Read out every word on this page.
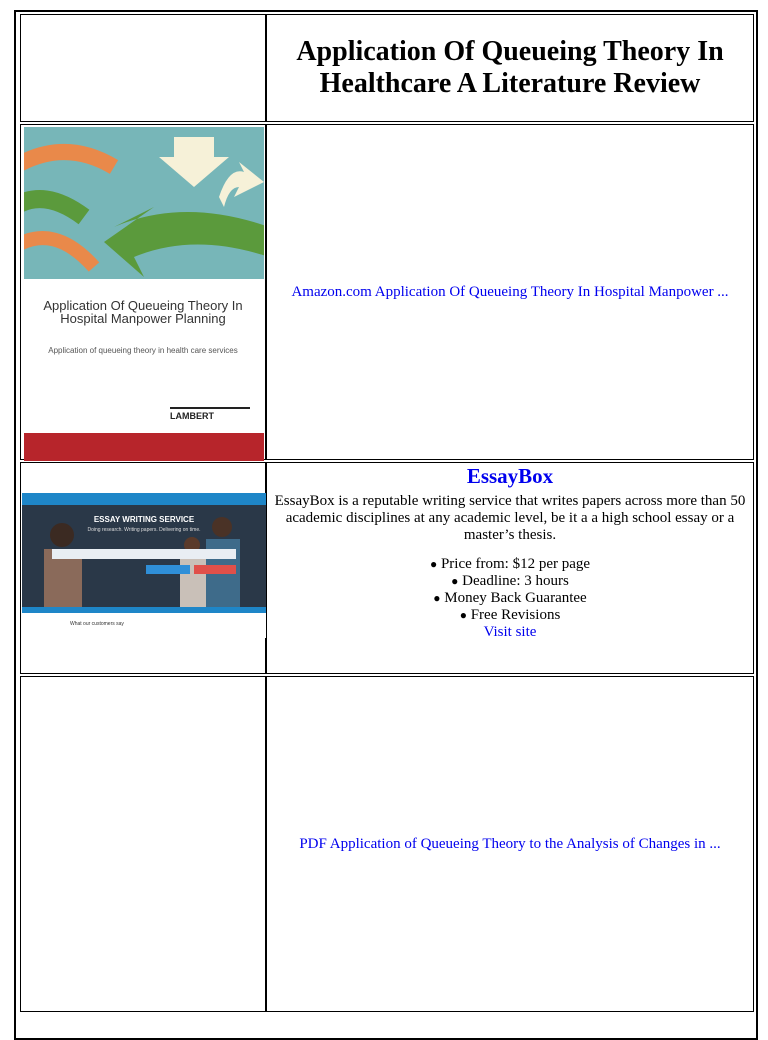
Application Of Queueing Theory In Healthcare A Literature Review

Application Of Queueing Theory In Hospital Manpower Planning
Application of queueing theory in health care services
LAMBERT
Amazon.com Application Of Queueing Theory In Hospital Manpower ...
ESSAY WRITING SERVICE
Doing research. Writing papers. Delivering on time.
What our customers say
EssayBox

EssayBox is a reputable writing service that writes papers across more than 50 academic disciplines at any academic level, be it a a high school essay or a master’s thesis.

● Price from: $12 per page
● Deadline: 3 hours
● Money Back Guarantee
● Free Revisions
Visit site
PDF Application of Queueing Theory to the Analysis of Changes in ...
